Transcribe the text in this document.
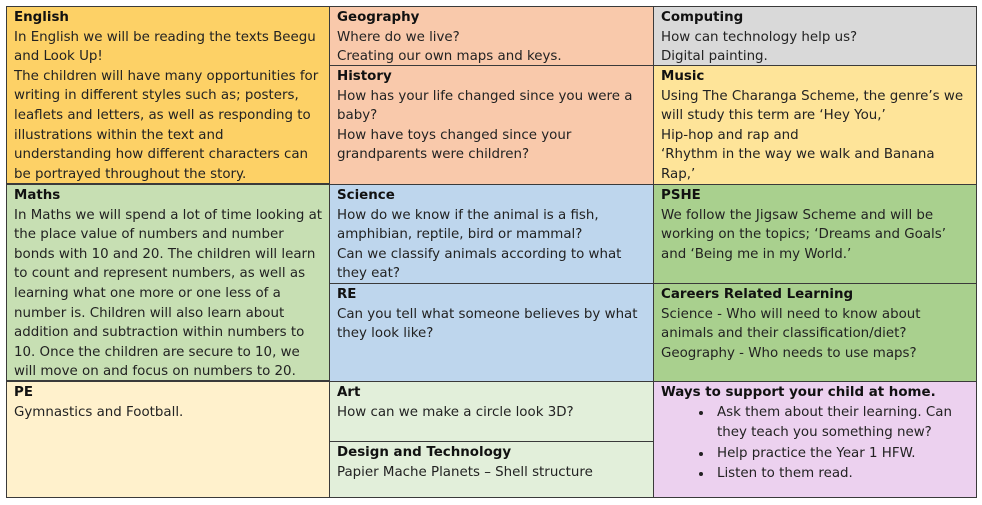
English

In English we will be reading the texts Beegu and Look Up!

The children will have many opportunities for writing in different styles such as; posters, leaflets and letters, as well as responding to illustrations within the text and understanding how different characters can be portrayed throughout the story.

Maths

In Maths we will spend a lot of time looking at the place value of numbers and number bonds with 10 and 20. The children will learn to count and represent numbers, as well as learning what one more or one less of a number is. Children will also learn about addition and subtraction within numbers to 10. Once the children are secure to 10, we will move on and focus on numbers to 20.

PE

Gymnastics and Football.

Geography

Where do we live?

Creating our own maps and keys.

History

How has your life changed since you were a baby?

How have toys changed since your grandparents were children?

Science

How do we know if the animal is a fish, amphibian, reptile, bird or mammal?

Can we classify animals according to what they eat?

RE

Can you tell what someone believes by what they look like?

Art

How can we make a circle look 3D?

Design and Technology

Papier Mache Planets – Shell structure

Computing

How can technology help us?

Digital painting.

Music

Using The Charanga Scheme, the genre’s we will study this term are ‘Hey You,’

Hip-hop and rap and

‘Rhythm in the way we walk and Banana Rap,’

PSHE

We follow the Jigsaw Scheme and will be working on the topics; ‘Dreams and Goals’ and ‘Being me in my World.’

Careers Related Learning

Science - Who will need to know about animals and their classification/diet?

Geography - Who needs to use maps?

Ways to support your child at home.

• Ask them about their learning. Can they teach you something new?
• Help practice the Year 1 HFW.
• Listen to them read.
